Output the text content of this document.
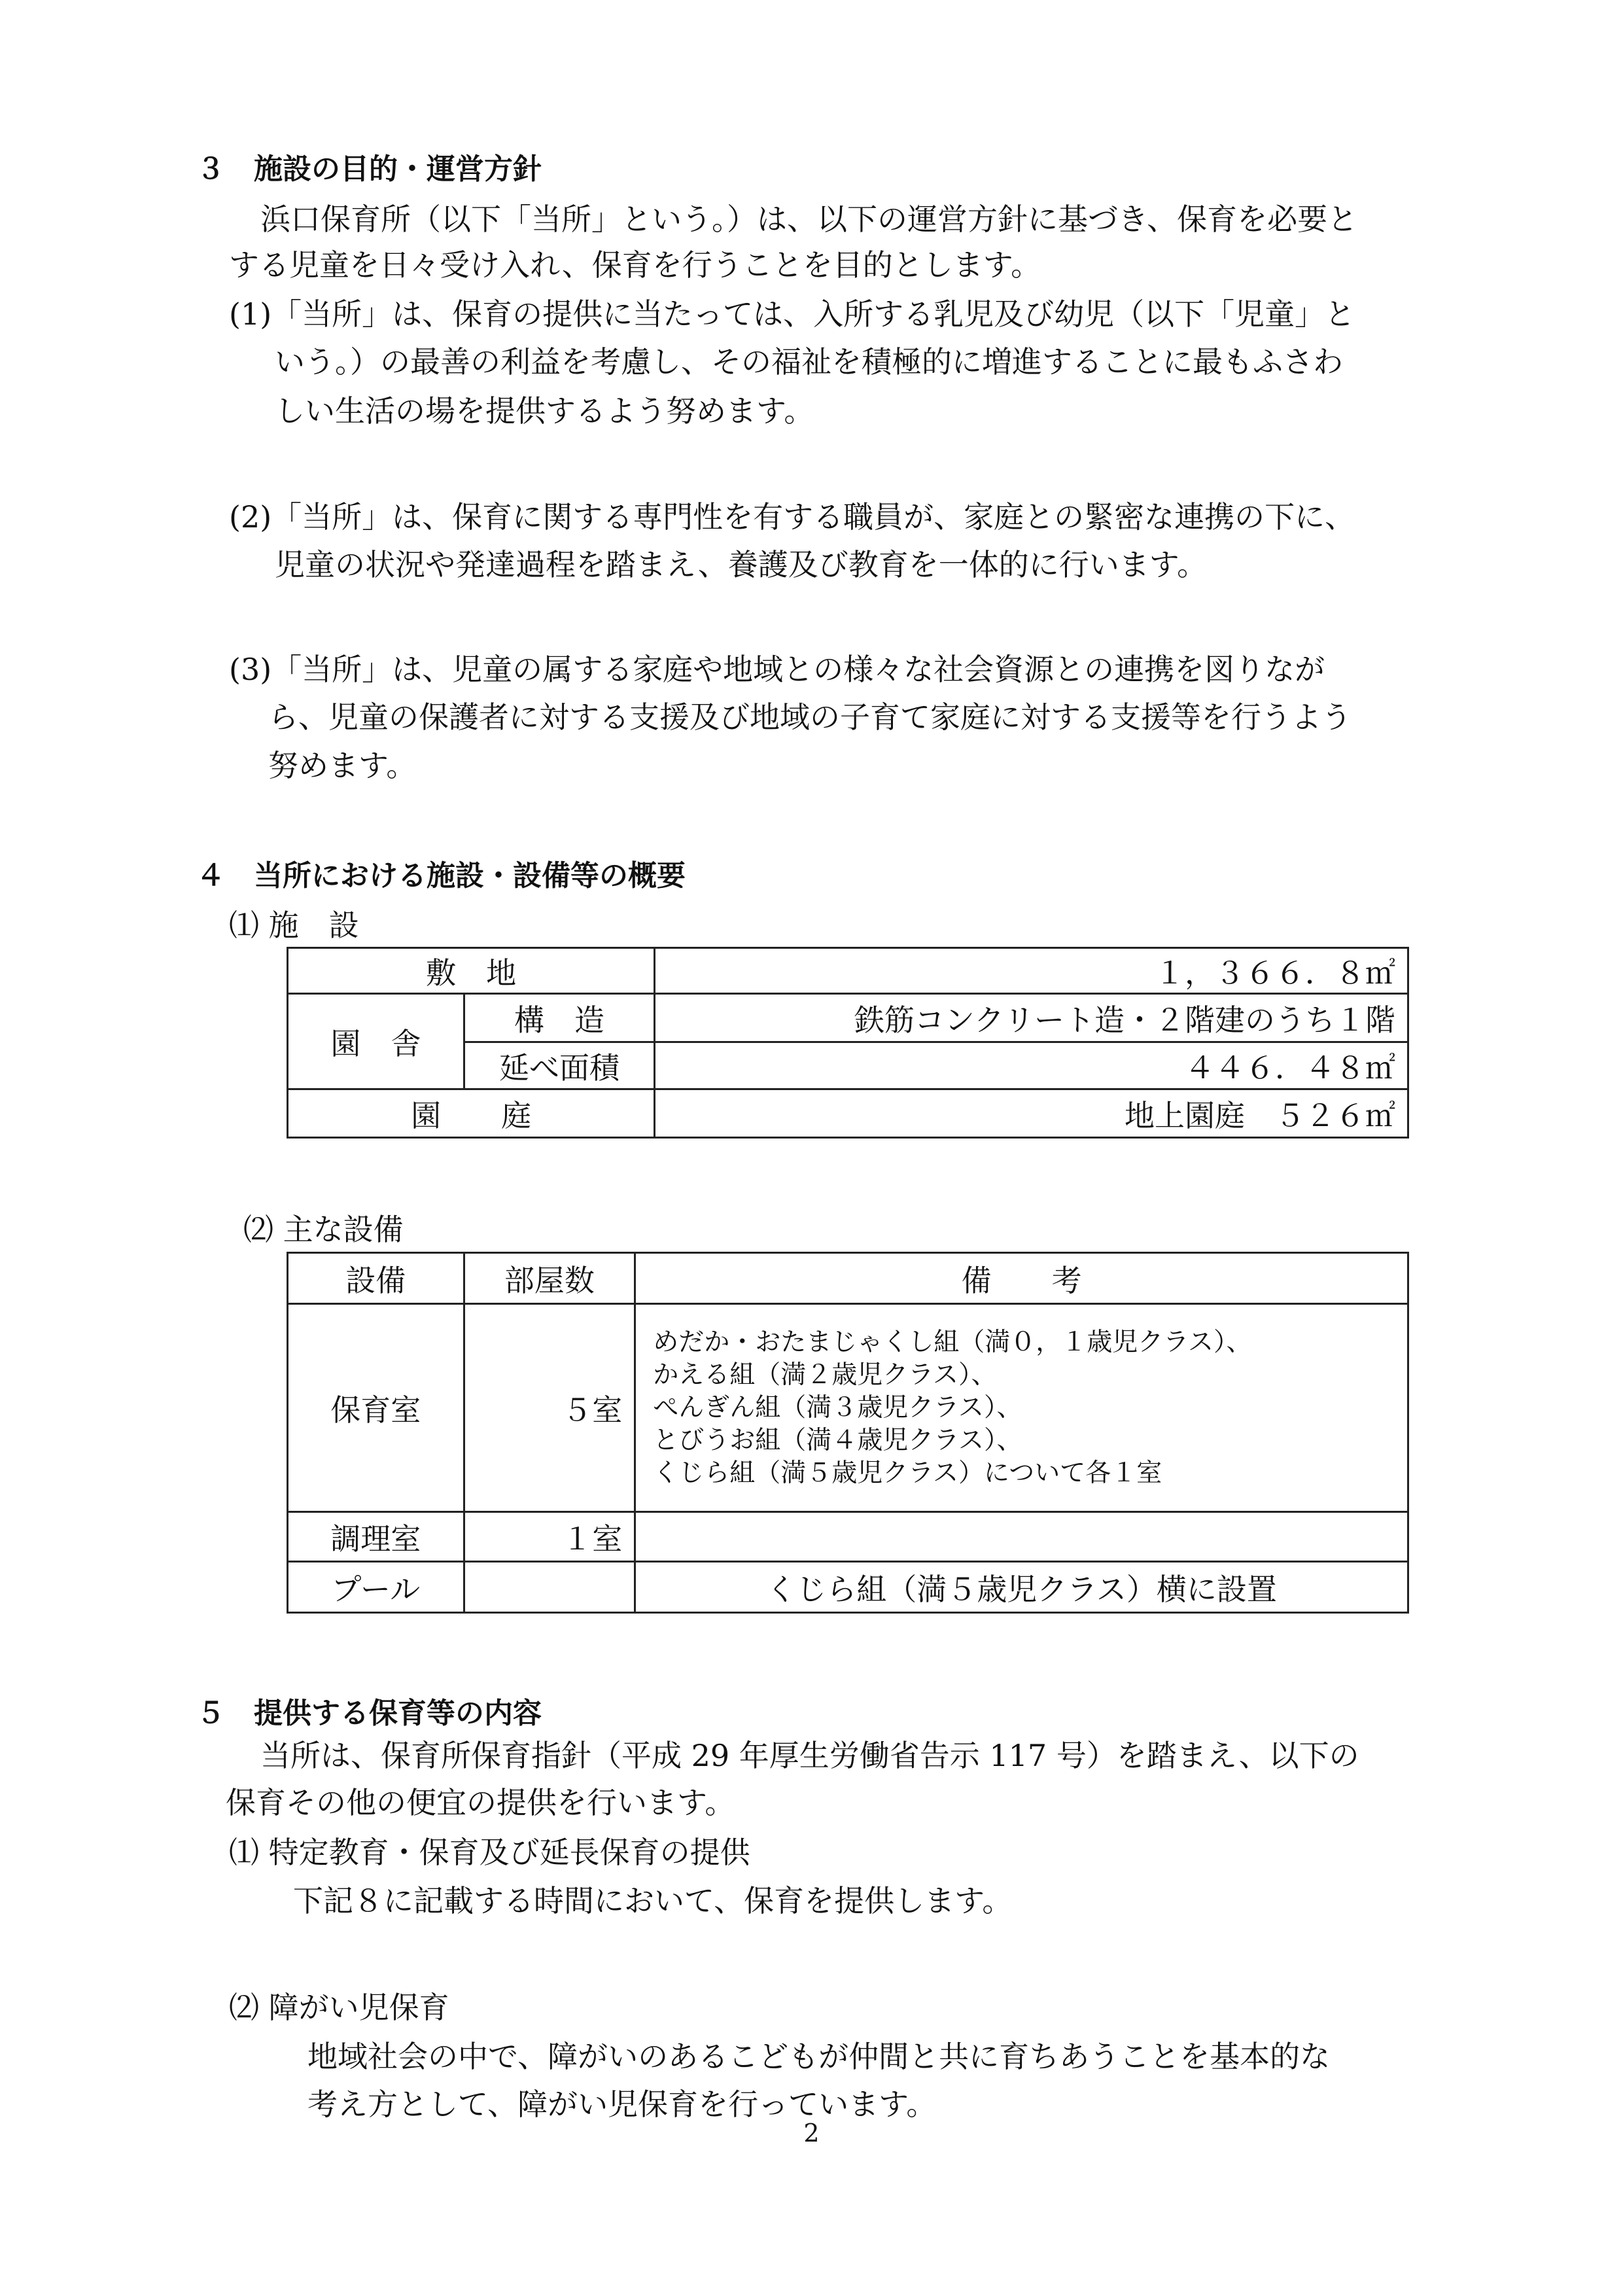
３　施設の目的・運営方針

浜口保育所（以下「当所」という。）は、以下の運営方針に基づき、保育を必要と

する児童を日々受け入れ、保育を行うことを目的とします。

(1)「当所」は、保育の提供に当たっては、入所する乳児及び幼児（以下「児童」と

いう。）の最善の利益を考慮し、その福祉を積極的に増進することに最もふさわ

しい生活の場を提供するよう努めます。

(2)「当所」は、保育に関する専門性を有する職員が、家庭との緊密な連携の下に、

児童の状況や発達過程を踏まえ、養護及び教育を一体的に行います。

(3)「当所」は、児童の属する家庭や地域との様々な社会資源との連携を図りなが

ら、児童の保護者に対する支援及び地域の子育て家庭に対する支援等を行うよう

努めます。

４　当所における施設・設備等の概要

⑴ 施　設

敷　地		１，３６６．８㎡
園　舎	構　造	鉄筋コンクリート造・２階建のうち１階
	延べ面積	４４６．４８㎡
園　　庭		地上園庭　５２６㎡

⑵ 主な設備

設備	部屋数	備　　考
保育室	５室	めだか・おたまじゃくし組（満０，１歳児クラス）、
かえる組（満２歳児クラス）、
ぺんぎん組（満３歳児クラス）、
とびうお組（満４歳児クラス）、
くじら組（満５歳児クラス）について各１室

調理室	１室	
プール		くじら組（満５歳児クラス）横に設置
５　提供する保育等の内容

当所は、保育所保育指針（平成 29 年厚生労働省告示 117 号）を踏まえ、以下の

保育その他の便宜の提供を行います。

⑴ 特定教育・保育及び延長保育の提供

下記８に記載する時間において、保育を提供します。

⑵ 障がい児保育

地域社会の中で、障がいのあるこどもが仲間と共に育ちあうことを基本的な

考え方として、障がい児保育を行っています。

2
